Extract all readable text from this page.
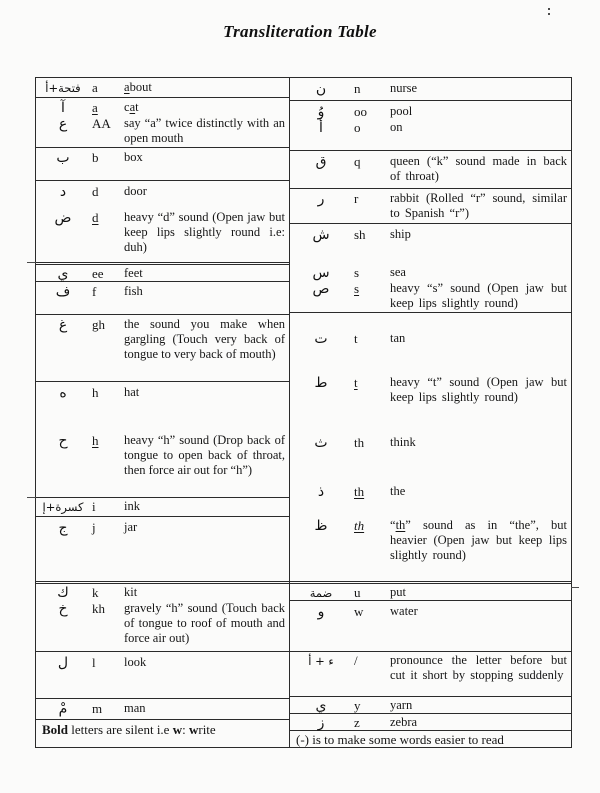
Transliteration Table
فتحة+أ a	about
آ	a	cat
ع	AA	say “a” twice distinctly with an open mouth
ب	b	box
د	d	door
ض	d	heavy “d” sound (Open jaw but keep lips slightly round i.e: duh)
ي	ee	feet
ف	f	fish
غ	gh	the sound you make when gargling (Touch very back of tongue to very back of mouth)
ه	h	hat
ح	h	heavy “h” sound (Drop back of tongue to open back of throat, then force air out for “h”)
كسرة+إ i	ink
ج	j	jar
ك	k	kit
خ	kh	gravely “h” sound (Touch back of tongue to roof of mouth and force air out)
ل	l	look
مْ	m	man
Bold letters are silent i.e w: write
ن	n	nurse
وُ	oo	pool
أ	o	on
ق	q	queen (“k” sound made in back of throat)
ر	r	rabbit (Rolled “r” sound, similar to Spanish “r”)
ش	sh	ship
س	s	sea
ص	s	heavy “s” sound (Open jaw but keep lips slightly round)
ت	t	tan
ط	t	heavy “t” sound (Open jaw but keep lips slightly round)
ث	th	think
ذ	th	the
ظ	th	“th” sound as in “the”, but heavier (Open jaw but keep lips slightly round)
ضمة	u	put
و	w	water
ء + أ	/	pronounce the letter before but cut it short by stopping suddenly
ي	y	yarn
ز	z	zebra
(-) is to make some words easier to read
